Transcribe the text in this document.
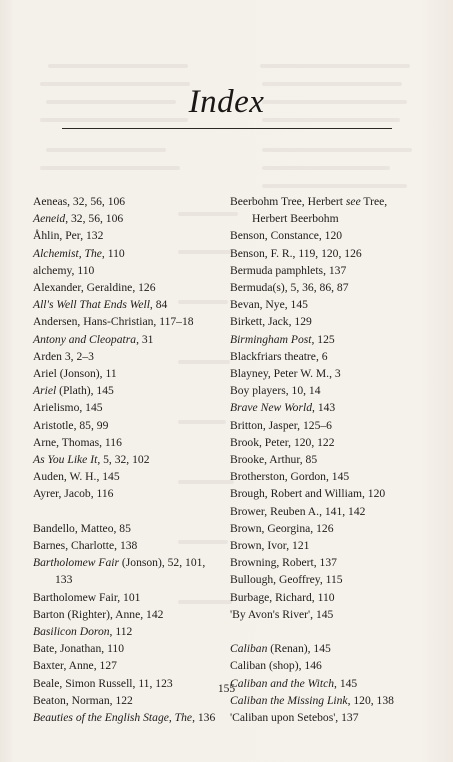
Index
Aeneas, 32, 56, 106
Aeneid, 32, 56, 106
Åhlin, Per, 132
Alchemist, The, 110
alchemy, 110
Alexander, Geraldine, 126
All's Well That Ends Well, 84
Andersen, Hans-Christian, 117–18
Antony and Cleopatra, 31
Arden 3, 2–3
Ariel (Jonson), 11
Ariel (Plath), 145
Arielismo, 145
Aristotle, 85, 99
Arne, Thomas, 116
As You Like It, 5, 32, 102
Auden, W. H., 145
Ayrer, Jacob, 116
Bandello, Matteo, 85
Barnes, Charlotte, 138
Bartholomew Fair (Jonson), 52, 101,
133
Bartholomew Fair, 101
Barton (Righter), Anne, 142
Basilicon Doron, 112
Bate, Jonathan, 110
Baxter, Anne, 127
Beale, Simon Russell, 11, 123
Beaton, Norman, 122
Beauties of the English Stage, The, 136
Beerbohm Tree, Herbert see Tree,
Herbert Beerbohm
Benson, Constance, 120
Benson, F. R., 119, 120, 126
Bermuda pamphlets, 137
Bermuda(s), 5, 36, 86, 87
Bevan, Nye, 145
Birkett, Jack, 129
Birmingham Post, 125
Blackfriars theatre, 6
Blayney, Peter W. M., 3
Boy players, 10, 14
Brave New World, 143
Britton, Jasper, 125–6
Brook, Peter, 120, 122
Brooke, Arthur, 85
Brotherston, Gordon, 145
Brough, Robert and William, 120
Brower, Reuben A., 141, 142
Brown, Georgina, 126
Brown, Ivor, 121
Browning, Robert, 137
Bullough, Geoffrey, 115
Burbage, Richard, 110
'By Avon's River', 145
Caliban (Renan), 145
Caliban (shop), 146
Caliban and the Witch, 145
Caliban the Missing Link, 120, 138
'Caliban upon Setebos', 137
155
